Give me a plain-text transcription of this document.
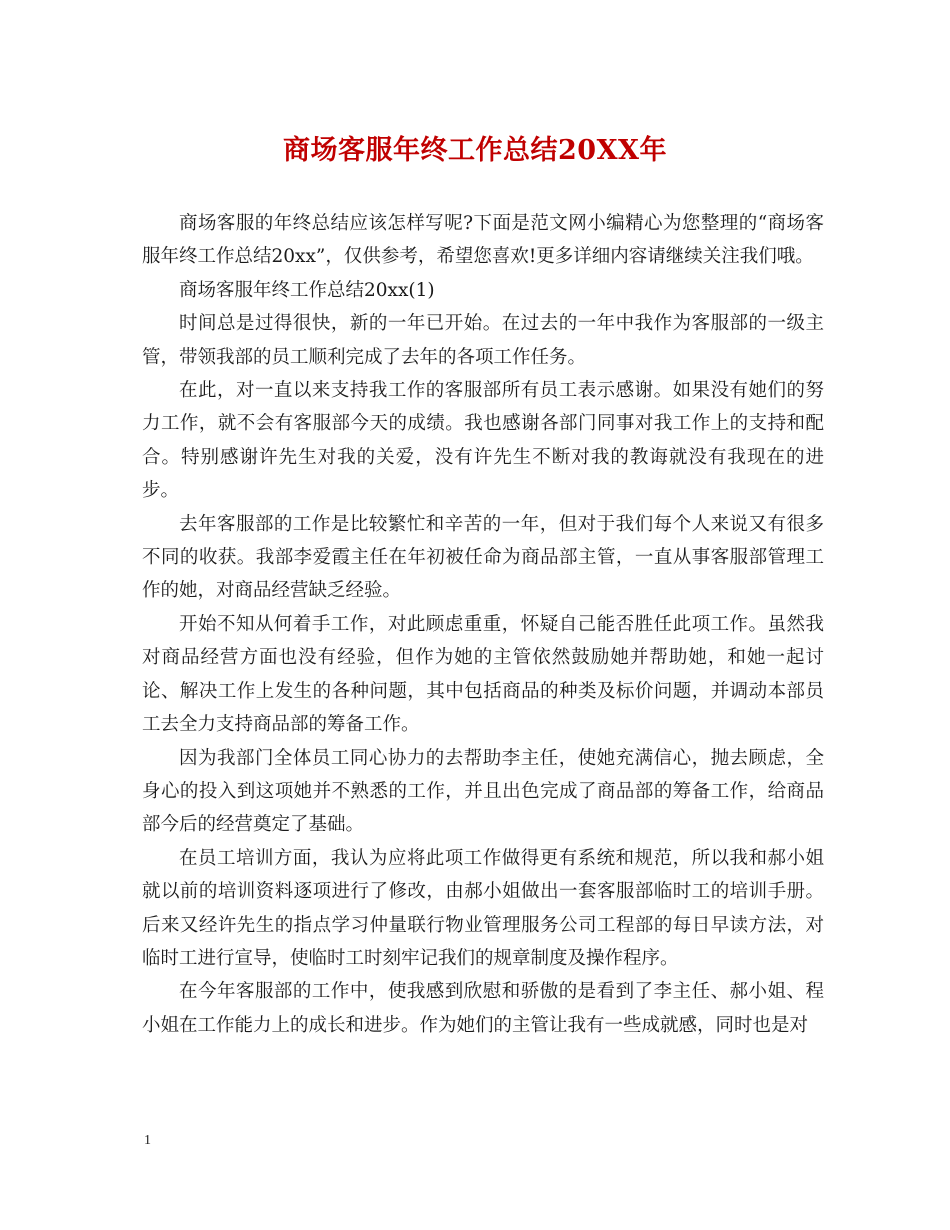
商场客服年终工作总结20XX年

商场客服的年终总结应该怎样写呢?下面是范文网小编精心为您整理的“商场客服年终工作总结20xx”，仅供参考，希望您喜欢!更多详细内容请继续关注我们哦。

商场客服年终工作总结20xx(1)

时间总是过得很快，新的一年已开始。在过去的一年中我作为客服部的一级主管，带领我部的员工顺利完成了去年的各项工作任务。

在此，对一直以来支持我工作的客服部所有员工表示感谢。如果没有她们的努力工作，就不会有客服部今天的成绩。我也感谢各部门同事对我工作上的支持和配合。特别感谢许先生对我的关爱，没有许先生不断对我的教诲就没有我现在的进步。

去年客服部的工作是比较繁忙和辛苦的一年，但对于我们每个人来说又有很多不同的收获。我部李爱霞主任在年初被任命为商品部主管，一直从事客服部管理工作的她，对商品经营缺乏经验。

开始不知从何着手工作，对此顾虑重重，怀疑自己能否胜任此项工作。虽然我对商品经营方面也没有经验，但作为她的主管依然鼓励她并帮助她，和她一起讨论、解决工作上发生的各种问题，其中包括商品的种类及标价问题，并调动本部员工去全力支持商品部的筹备工作。

因为我部门全体员工同心协力的去帮助李主任，使她充满信心，抛去顾虑，全身心的投入到这项她并不熟悉的工作，并且出色完成了商品部的筹备工作，给商品部今后的经营奠定了基础。

在员工培训方面，我认为应将此项工作做得更有系统和规范，所以我和郝小姐就以前的培训资料逐项进行了修改，由郝小姐做出一套客服部临时工的培训手册。后来又经许先生的指点学习仲量联行物业管理服务公司工程部的每日早读方法，对临时工进行宣导，使临时工时刻牢记我们的规章制度及操作程序。

在今年客服部的工作中，使我感到欣慰和骄傲的是看到了李主任、郝小姐、程小姐在工作能力上的成长和进步。作为她们的主管让我有一些成就感，同时也是对

1
